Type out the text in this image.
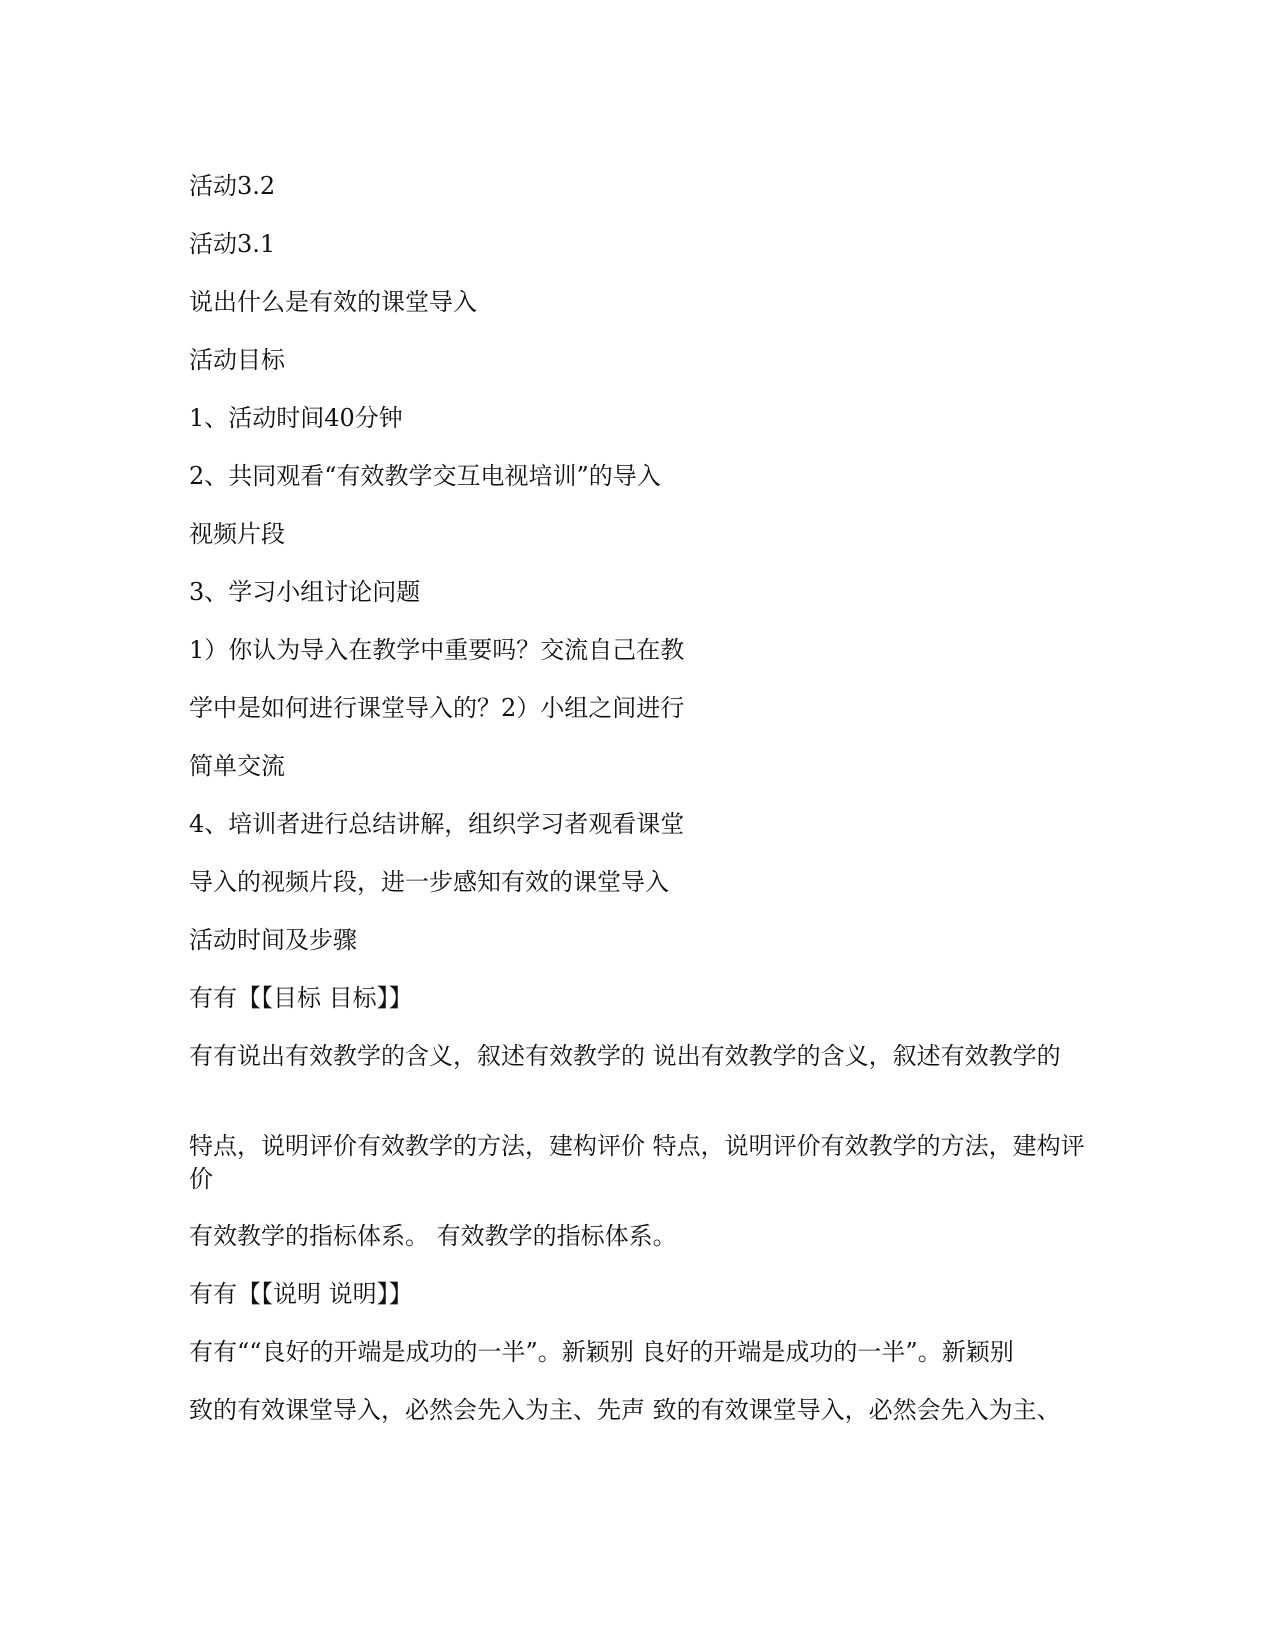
活动3.2
活动3.1
说出什么是有效的课堂导入
活动目标
1、活动时间40分钟
2、共同观看“有效教学交互电视培训”的导入
视频片段
3、学习小组讨论问题
1）你认为导入在教学中重要吗？交流自己在教
学中是如何进行课堂导入的？2）小组之间进行
简单交流
4、培训者进行总结讲解，组织学习者观看课堂
导入的视频片段，进一步感知有效的课堂导入
活动时间及步骤
有有【【目标 目标】】
有有说出有效教学的含义，叙述有效教学的 说出有效教学的含义，叙述有效教学的
特点，说明评价有效教学的方法，建构评价 特点，说明评价有效教学的方法，建构评价
有效教学的指标体系。 有效教学的指标体系。
有有【【说明 说明】】
有有““良好的开端是成功的一半”。新颖别 良好的开端是成功的一半”。新颖别
致的有效课堂导入，必然会先入为主、先声 致的有效课堂导入，必然会先入为主、
